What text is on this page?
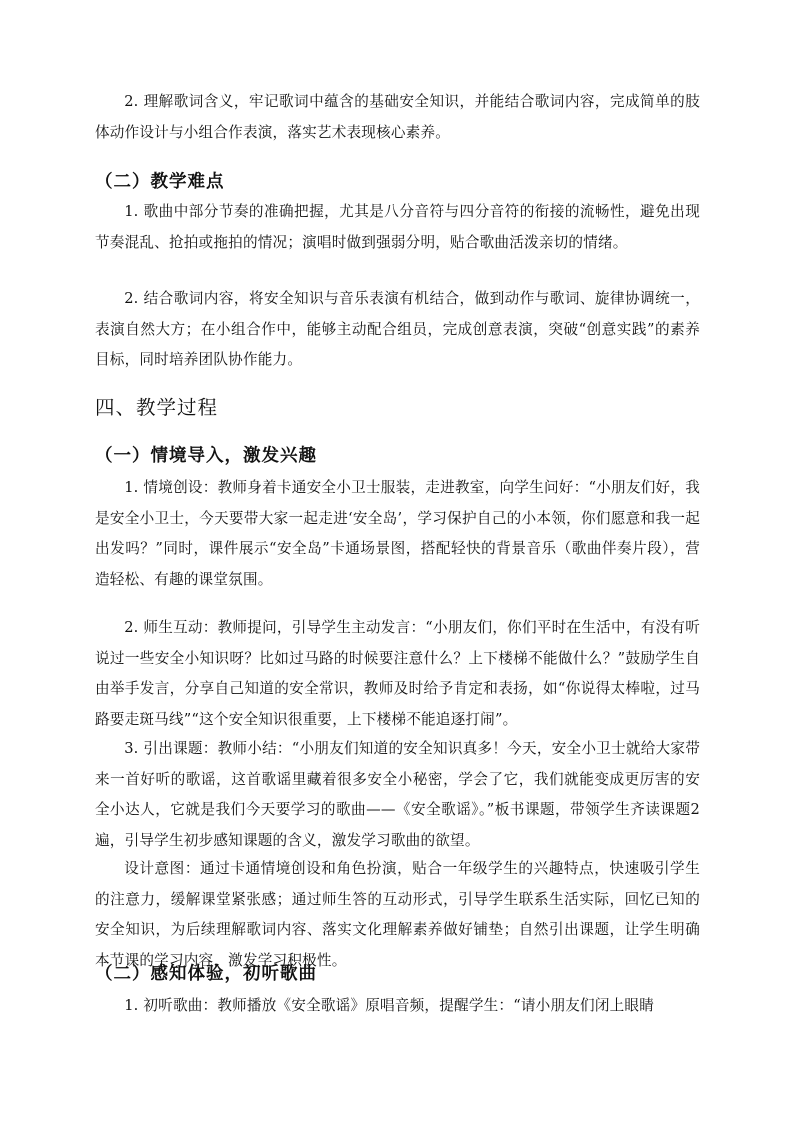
2. 理解歌词含义，牢记歌词中蕴含的基础安全知识，并能结合歌词内容，完成简单的肢体动作设计与小组合作表演，落实艺术表现核心素养。
（二）教学难点
1. 歌曲中部分节奏的准确把握，尤其是八分音符与四分音符的衔接的流畅性，避免出现节奏混乱、抢拍或拖拍的情况；演唱时做到强弱分明，贴合歌曲活泼亲切的情绪。
2. 结合歌词内容，将安全知识与音乐表演有机结合，做到动作与歌词、旋律协调统一，表演自然大方；在小组合作中，能够主动配合组员，完成创意表演，突破“创意实践”的素养目标，同时培养团队协作能力。
四、教学过程
（一）情境导入，激发兴趣
1. 情境创设：教师身着卡通安全小卫士服装，走进教室，向学生问好：“小朋友们好，我是安全小卫士，今天要带大家一起走进‘安全岛’，学习保护自己的小本领，你们愿意和我一起出发吗？”同时，课件展示“安全岛”卡通场景图，搭配轻快的背景音乐（歌曲伴奏片段），营造轻松、有趣的课堂氛围。
2. 师生互动：教师提问，引导学生主动发言：“小朋友们，你们平时在生活中，有没有听说过一些安全小知识呀？比如过马路的时候要注意什么？上下楼梯不能做什么？”鼓励学生自由举手发言，分享自己知道的安全常识，教师及时给予肯定和表扬，如“你说得太棒啦，过马路要走斑马线”“这个安全知识很重要，上下楼梯不能追逐打闹”。
3. 引出课题：教师小结：“小朋友们知道的安全知识真多！今天，安全小卫士就给大家带来一首好听的歌谣，这首歌谣里藏着很多安全小秘密，学会了它，我们就能变成更厉害的安全小达人，它就是我们今天要学习的歌曲——《安全歌谣》。”板书课题，带领学生齐读课题2遍，引导学生初步感知课题的含义，激发学习歌曲的欲望。
设计意图：通过卡通情境创设和角色扮演，贴合一年级学生的兴趣特点，快速吸引学生的注意力，缓解课堂紧张感；通过师生答的互动形式，引导学生联系生活实际，回忆已知的安全知识，为后续理解歌词内容、落实文化理解素养做好铺垫；自然引出课题，让学生明确本节课的学习内容，激发学习积极性。
（二）感知体验，初听歌曲
1. 初听歌曲：教师播放《安全歌谣》原唱音频，提醒学生：“请小朋友们闭上眼睛
